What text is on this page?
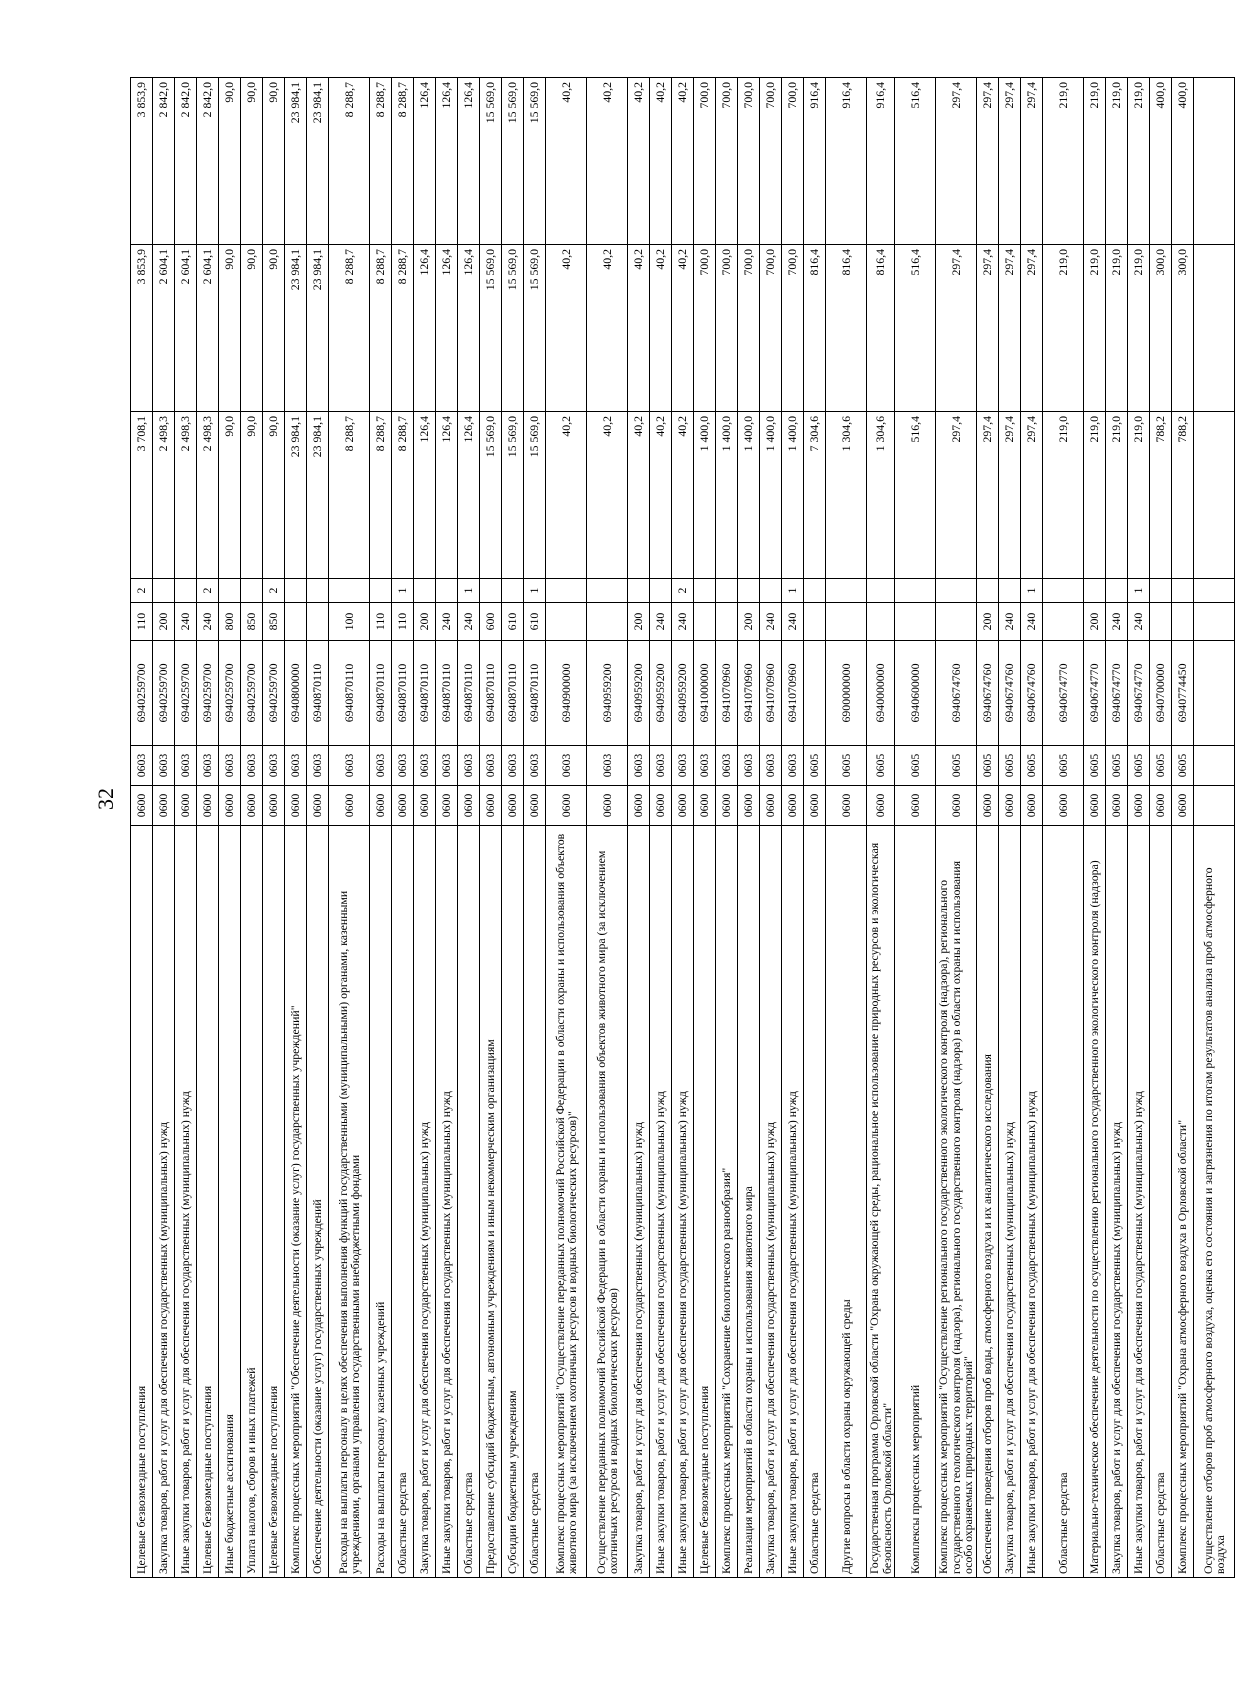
32
Целевые безвозмездные поступления	0600	0603	6940259700	110	2	3 708,1	3 853,9	3 853,9
Закупка товаров, работ и услуг для обеспечения государственных (муниципальных) нужд	0600	0603	6940259700	200		2 498,3	2 604,1	2 842,0
Иные закупки товаров, работ и услуг для обеспечения государственных (муниципальных) нужд	0600	0603	6940259700	240		2 498,3	2 604,1	2 842,0
Целевые безвозмездные поступления	0600	0603	6940259700	240	2	2 498,3	2 604,1	2 842,0
Иные бюджетные ассигнования	0600	0603	6940259700	800		90,0	90,0	90,0
Уплата налогов, сборов и иных платежей	0600	0603	6940259700	850		90,0	90,0	90,0
Целевые безвозмездные поступления	0600	0603	6940259700	850	2	90,0	90,0	90,0
Комплекс процессных мероприятий "Обеспечение деятельности (оказание услуг) государственных учреждений"	0600	0603	6940800000			23 984,1	23 984,1	23 984,1
Обеспечение деятельности (оказание услуг) государственных учреждений	0600	0603	6940870110			23 984,1	23 984,1	23 984,1
Расходы на выплаты персоналу в целях обеспечения выполнения функций государственными (муниципальными) органами, казенными учреждениями, органами управления государственными внебюджетными фондами	0600	0603	6940870110	100		8 288,7	8 288,7	8 288,7
Расходы на выплаты персоналу казенных учреждений	0600	0603	6940870110	110		8 288,7	8 288,7	8 288,7
Областные средства	0600	0603	6940870110	110	1	8 288,7	8 288,7	8 288,7
Закупка товаров, работ и услуг для обеспечения государственных (муниципальных) нужд	0600	0603	6940870110	200		126,4	126,4	126,4
Иные закупки товаров, работ и услуг для обеспечения государственных (муниципальных) нужд	0600	0603	6940870110	240		126,4	126,4	126,4
Областные средства	0600	0603	6940870110	240	1	126,4	126,4	126,4
Предоставление субсидий бюджетным, автономным учреждениям и иным некоммерческим организациям	0600	0603	6940870110	600		15 569,0	15 569,0	15 569,0
Субсидии бюджетным учреждениям	0600	0603	6940870110	610		15 569,0	15 569,0	15 569,0
Областные средства	0600	0603	6940870110	610	1	15 569,0	15 569,0	15 569,0
Комплекс процессных мероприятий "Осуществление переданных полномочий Российской Федерации в области охраны и использования объектов животного мира (за исключением охотничьих ресурсов и водных биологических ресурсов)"	0600	0603	6940900000			40,2	40,2	40,2
Осуществление переданных полномочий Российской Федерации в области охраны и использования объектов животного мира (за исключением охотничьих ресурсов и водных биологических ресурсов)	0600	0603	6940959200			40,2	40,2	40,2
Закупка товаров, работ и услуг для обеспечения государственных (муниципальных) нужд	0600	0603	6940959200	200		40,2	40,2	40,2
Иные закупки товаров, работ и услуг для обеспечения государственных (муниципальных) нужд	0600	0603	6940959200	240		40,2	40,2	40,2
Иные закупки товаров, работ и услуг для обеспечения государственных (муниципальных) нужд	0600	0603	6940959200	240	2	40,2	40,2	40,2
Целевые безвозмездные поступления	0600	0603	6941000000			1 400,0	700,0	700,0
Комплекс процессных мероприятий "Сохранение биологического разнообразия"	0600	0603	6941070960			1 400,0	700,0	700,0
Реализация мероприятий в области охраны и использования животного мира	0600	0603	6941070960	200		1 400,0	700,0	700,0
Закупка товаров, работ и услуг для обеспечения государственных (муниципальных) нужд	0600	0603	6941070960	240		1 400,0	700,0	700,0
Иные закупки товаров, работ и услуг для обеспечения государственных (муниципальных) нужд	0600	0603	6941070960	240	1	1 400,0	700,0	700,0
Областные средства	0600	0605				7 304,6	816,4	916,4
Другие вопросы в области охраны окружающей среды	0600	0605	6900000000			1 304,6	816,4	916,4
Государственная программа Орловской области "Охрана окружающей среды, рациональное использование природных ресурсов и экологическая безопасность Орловской области"	0600	0605	6940000000			1 304,6	816,4	916,4
Комплексы процессных мероприятий	0600	0605	6940600000			516,4	516,4	516,4
Комплекс процессных мероприятий "Осуществление регионального государственного экологического контроля (надзора), регионального государственного геологического контроля (надзора), регионального государственного контроля (надзора) в области охраны и использования особо охраняемых природных территорий"	0600	0605	6940674760			297,4	297,4	297,4
Обеспечение проведения отборов проб воды, атмосферного воздуха и их аналитического исследования	0600	0605	6940674760	200		297,4	297,4	297,4
Закупка товаров, работ и услуг для обеспечения государственных (муниципальных) нужд	0600	0605	6940674760	240		297,4	297,4	297,4
Иные закупки товаров, работ и услуг для обеспечения государственных (муниципальных) нужд	0600	0605	6940674760	240	1	297,4	297,4	297,4
Областные средства	0600	0605	6940674770			219,0	219,0	219,0
Материально-техническое обеспечение деятельности по осуществлению регионального государственного экологического контроля (надзора)	0600	0605	6940674770	200		219,0	219,0	219,0
Закупка товаров, работ и услуг для обеспечения государственных (муниципальных) нужд	0600	0605	6940674770	240		219,0	219,0	219,0
Иные закупки товаров, работ и услуг для обеспечения государственных (муниципальных) нужд	0600	0605	6940674770	240	1	219,0	219,0	219,0
Областные средства	0600	0605	6940700000			788,2	300,0	400,0
Комплекс процессных мероприятий "Охрана атмосферного воздуха в Орловской области"	0600	0605	6940774450			788,2	300,0	400,0
Осуществление отборов проб атмосферного воздуха, оценка его состояния и загрязнения по итогам результатов анализа проб атмосферного воздуха								
